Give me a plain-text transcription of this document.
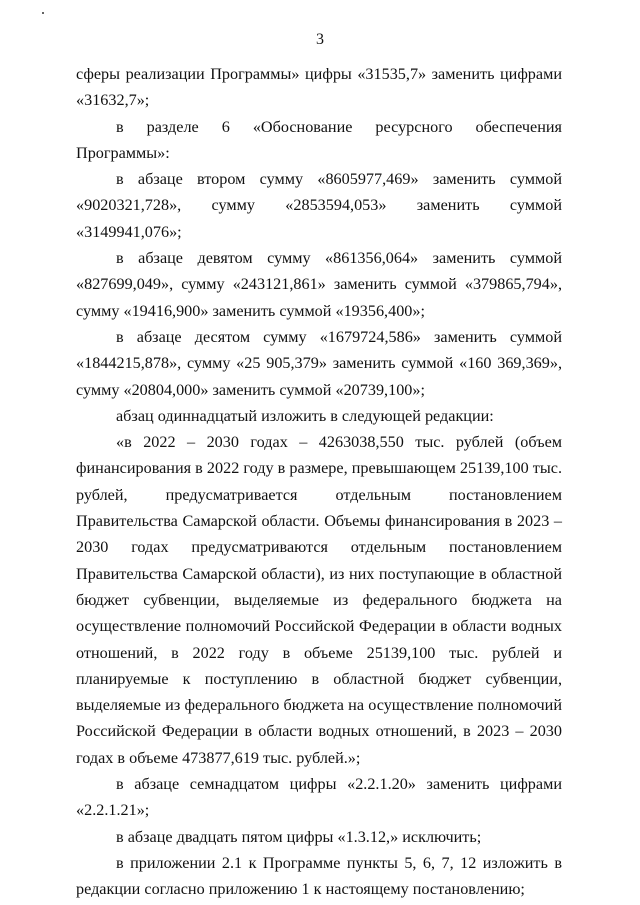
3

сферы реализации Программы» цифры «31535,7» заменить цифрами «31632,7»;

в разделе 6 «Обоснование ресурсного обеспечения Программы»:

в абзаце втором сумму «8605977,469» заменить суммой «9020321,728», сумму «2853594,053» заменить суммой «3149941,076»;

в абзаце девятом сумму «861356,064» заменить суммой «827699,049», сумму «243121,861» заменить суммой «379865,794», сумму «19416,900» заменить суммой «19356,400»;

в абзаце десятом сумму «1679724,586» заменить суммой «1844215,878», сумму «25 905,379» заменить суммой «160 369,369», сумму «20804,000» заменить суммой «20739,100»;

абзац одиннадцатый изложить в следующей редакции:

«в 2022 – 2030 годах – 4263038,550 тыс. рублей (объем финансирования в 2022 году в размере, превышающем 25139,100 тыс. рублей, предусматривается отдельным постановлением Правительства Самарской области. Объемы финансирования в 2023 – 2030 годах предусматриваются отдельным постановлением Правительства Самарской области), из них поступающие в областной бюджет субвенции, выделяемые из федерального бюджета на осуществление полномочий Российской Федерации в области водных отношений, в 2022 году в объеме 25139,100 тыс. рублей и планируемые к поступлению в областной бюджет субвенции, выделяемые из федерального бюджета на осуществление полномочий Российской Федерации в области водных отношений, в 2023 – 2030 годах в объеме 473877,619 тыс. рублей.»;

в абзаце семнадцатом цифры «2.2.1.20» заменить цифрами «2.2.1.21»;

в абзаце двадцать пятом цифры «1.3.12,» исключить;

в приложении 2.1 к Программе пункты 5, 6, 7, 12 изложить в редакции согласно приложению 1 к настоящему постановлению;
